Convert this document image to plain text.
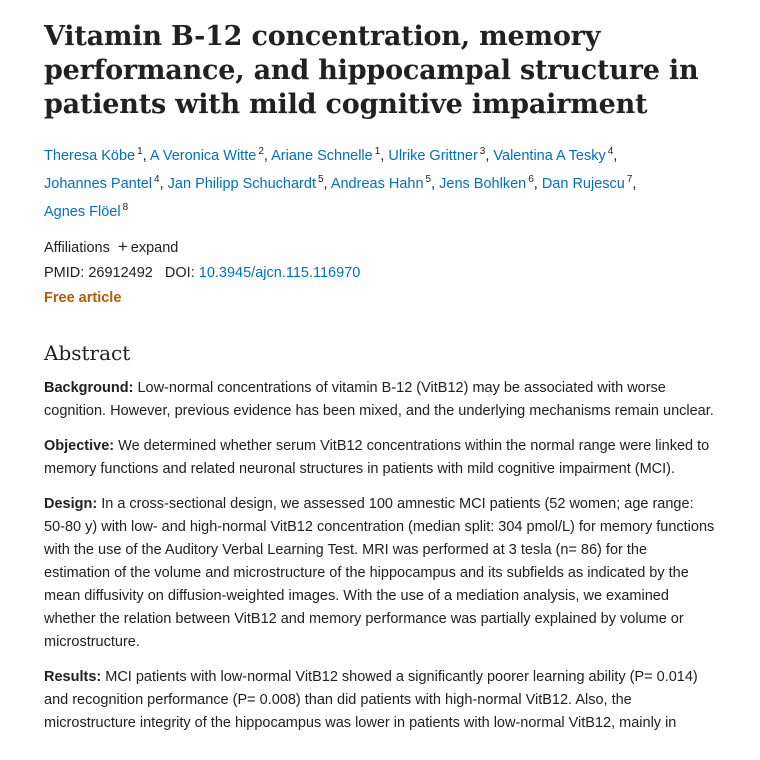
Vitamin B-12 concentration, memory performance, and hippocampal structure in patients with mild cognitive impairment
Theresa Köbe $^1$, A Veronica Witte $^2$, Ariane Schnelle $^1$, Ulrike Grittner $^3$, Valentina A Tesky $^4$,
Johannes Pantel $^4$, Jan Philipp Schuchardt $^5$, Andreas Hahn $^5$, Jens Bohlken $^6$, Dan Rujescu $^7$,
Agnes Flöel $^8$
Affiliations + expand
PMID: 26912492 DOI: 10.3945/ajcn.115.116970
Free article
Abstract

Background: Low-normal concentrations of vitamin B-12 (VitB12) may be associated with worse cognition. However, previous evidence has been mixed, and the underlying mechanisms remain unclear.

Objective: We determined whether serum VitB12 concentrations within the normal range were linked to memory functions and related neuronal structures in patients with mild cognitive impairment (MCI).

Design: In a cross-sectional design, we assessed 100 amnestic MCI patients (52 women; age range: 50-80 y) with low- and high-normal VitB12 concentration (median split: 304 pmol/L) for memory functions with the use of the Auditory Verbal Learning Test. MRI was performed at 3 tesla (n= 86) for the estimation of the volume and microstructure of the hippocampus and its subfields as indicated by the mean diffusivity on diffusion-weighted images. With the use of a mediation analysis, we examined whether the relation between VitB12 and memory performance was partially explained by volume or microstructure.

Results: MCI patients with low-normal VitB12 showed a significantly poorer learning ability (P= 0.014) and recognition performance (P= 0.008) than did patients with high-normal VitB12. Also, the microstructure integrity of the hippocampus was lower in patients with low-normal VitB12, mainly in
